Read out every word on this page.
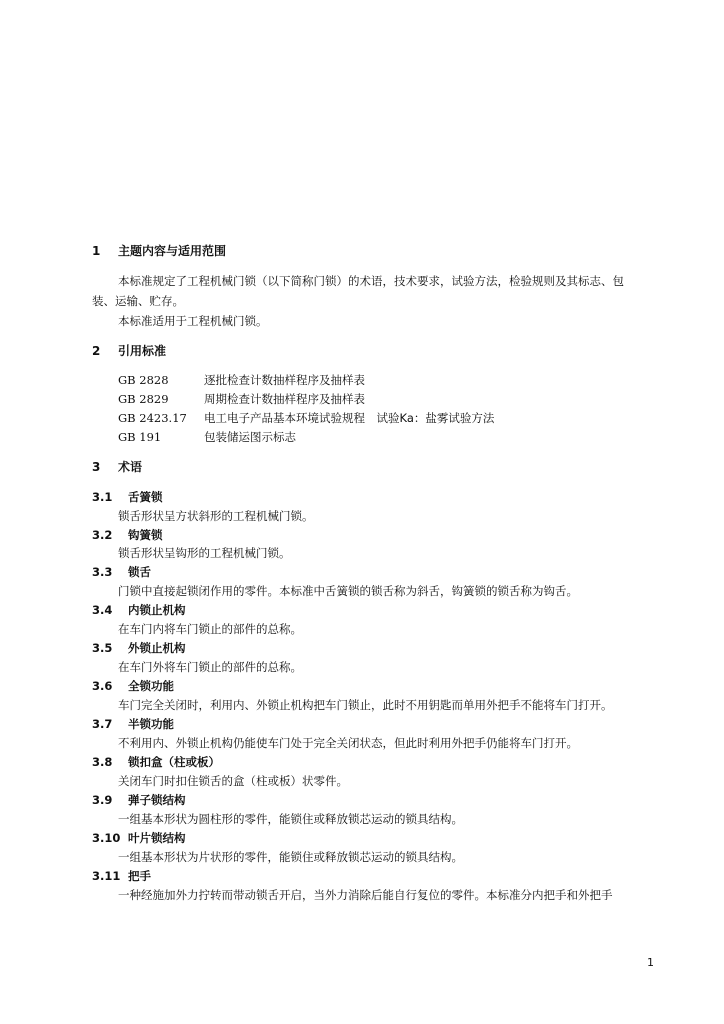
1 主题内容与适用范围
本标准规定了工程机械门锁（以下简称门锁）的术语，技术要求，试验方法，检验规则及其标志、包
装、运输、贮存。
本标准适用于工程机械门锁。
2 引用标准
GB 2828	逐批检查计数抽样程序及抽样表
GB 2829	周期检查计数抽样程序及抽样表
GB 2423.17 电工电子产品基本环境试验规程　试验Ka：盐雾试验方法
GB 191	包装储运图示标志
3 术语
3.1 舌簧锁
锁舌形状呈方状斜形的工程机械门锁。
3.2 钩簧锁
锁舌形状呈钩形的工程机械门锁。
3.3 锁舌
门锁中直接起锁闭作用的零件。本标准中舌簧锁的锁舌称为斜舌，钩簧锁的锁舌称为钩舌。
3.4 内锁止机构
在车门内将车门锁止的部件的总称。
3.5 外锁止机构
在车门外将车门锁止的部件的总称。
3.6 全锁功能
车门完全关闭时，利用内、外锁止机构把车门锁止，此时不用钥匙而单用外把手不能将车门打开。
3.7 半锁功能
不利用内、外锁止机构仍能使车门处于完全关闭状态，但此时利用外把手仍能将车门打开。
3.8 锁扣盒（柱或板）
关闭车门时扣住锁舌的盒（柱或板）状零件。
3.9 弹子锁结构
一组基本形状为圆柱形的零件，能锁住或释放锁芯运动的锁具结构。
3.10 叶片锁结构
一组基本形状为片状形的零件，能锁住或释放锁芯运动的锁具结构。
3.11 把手
一种经施加外力拧转而带动锁舌开启，当外力消除后能自行复位的零件。本标准分内把手和外把手
1
